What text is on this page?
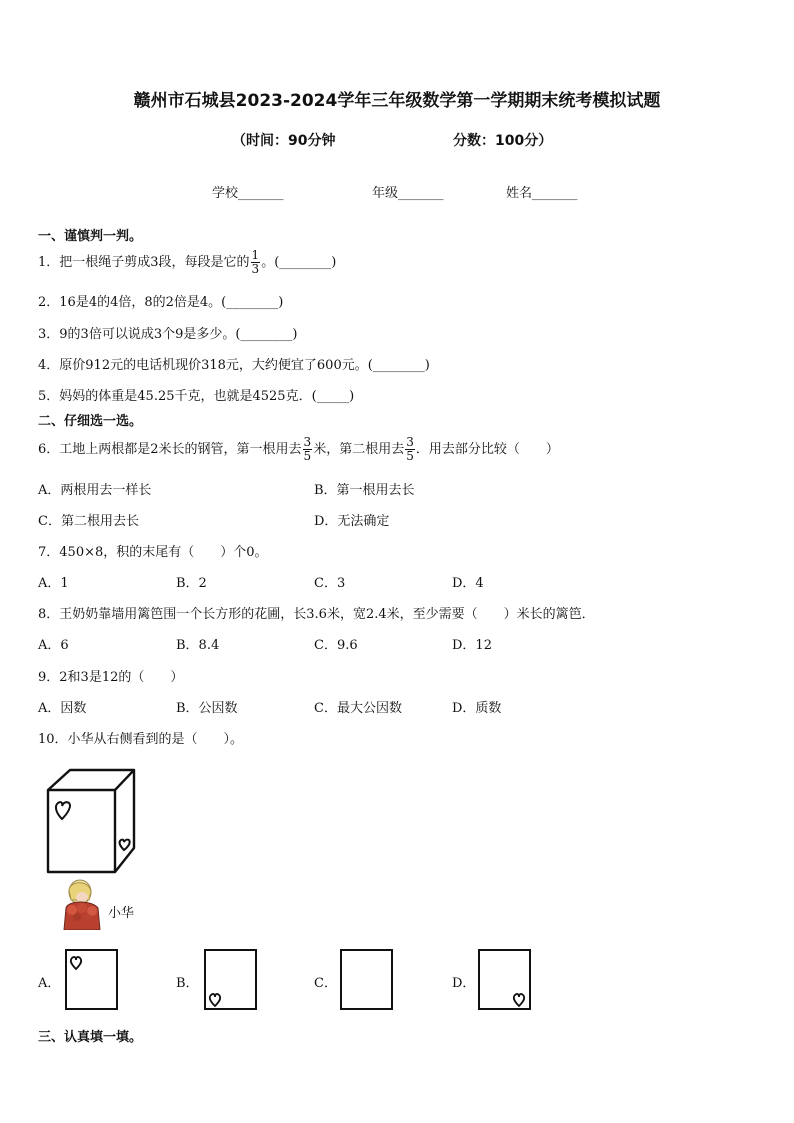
赣州市石城县2023-2024学年三年级数学第一学期期末统考模拟试题
（时间：90分钟	分数：100分）
学校_______	年级_______	姓名_______
一、谨慎判一判。
1．把一根绳子剪成3段，每段是它的 $\frac{1}{3}$ 。(________)
2．16是4的4倍，8的2倍是4。(________)
3．9的3倍可以说成3个9是多少。(________)
4．原价912元的电话机现价318元，大约便宜了600元。(________)
5．妈妈的体重是45.25千克，也就是4525克．(_____)
二、仔细选一选。
6．工地上两根都是2米长的钢管，第一根用去 $\frac{3}{5}$ 米，第二根用去 $\frac{3}{5}$ ．用去部分比较（　　）
A．两根用去一样长	B．第一根用去长
C．第二根用去长	D．无法确定
7．450×8，积的末尾有（　　）个0。
A．1	B．2	C．3	D．4
8．王奶奶靠墙用篱笆围一个长方形的花圃，长3.6米，宽2.4米，至少需要（　　）米长的篱笆．
A．6	B．8.4	C．9.6	D．12
9．2和3是12的（　　）
A．因数	B．公因数	C．最大公因数	D．质数
10．小华从右侧看到的是（　　）。
小华
A．	B．	C．	D．
三、认真填一填。
